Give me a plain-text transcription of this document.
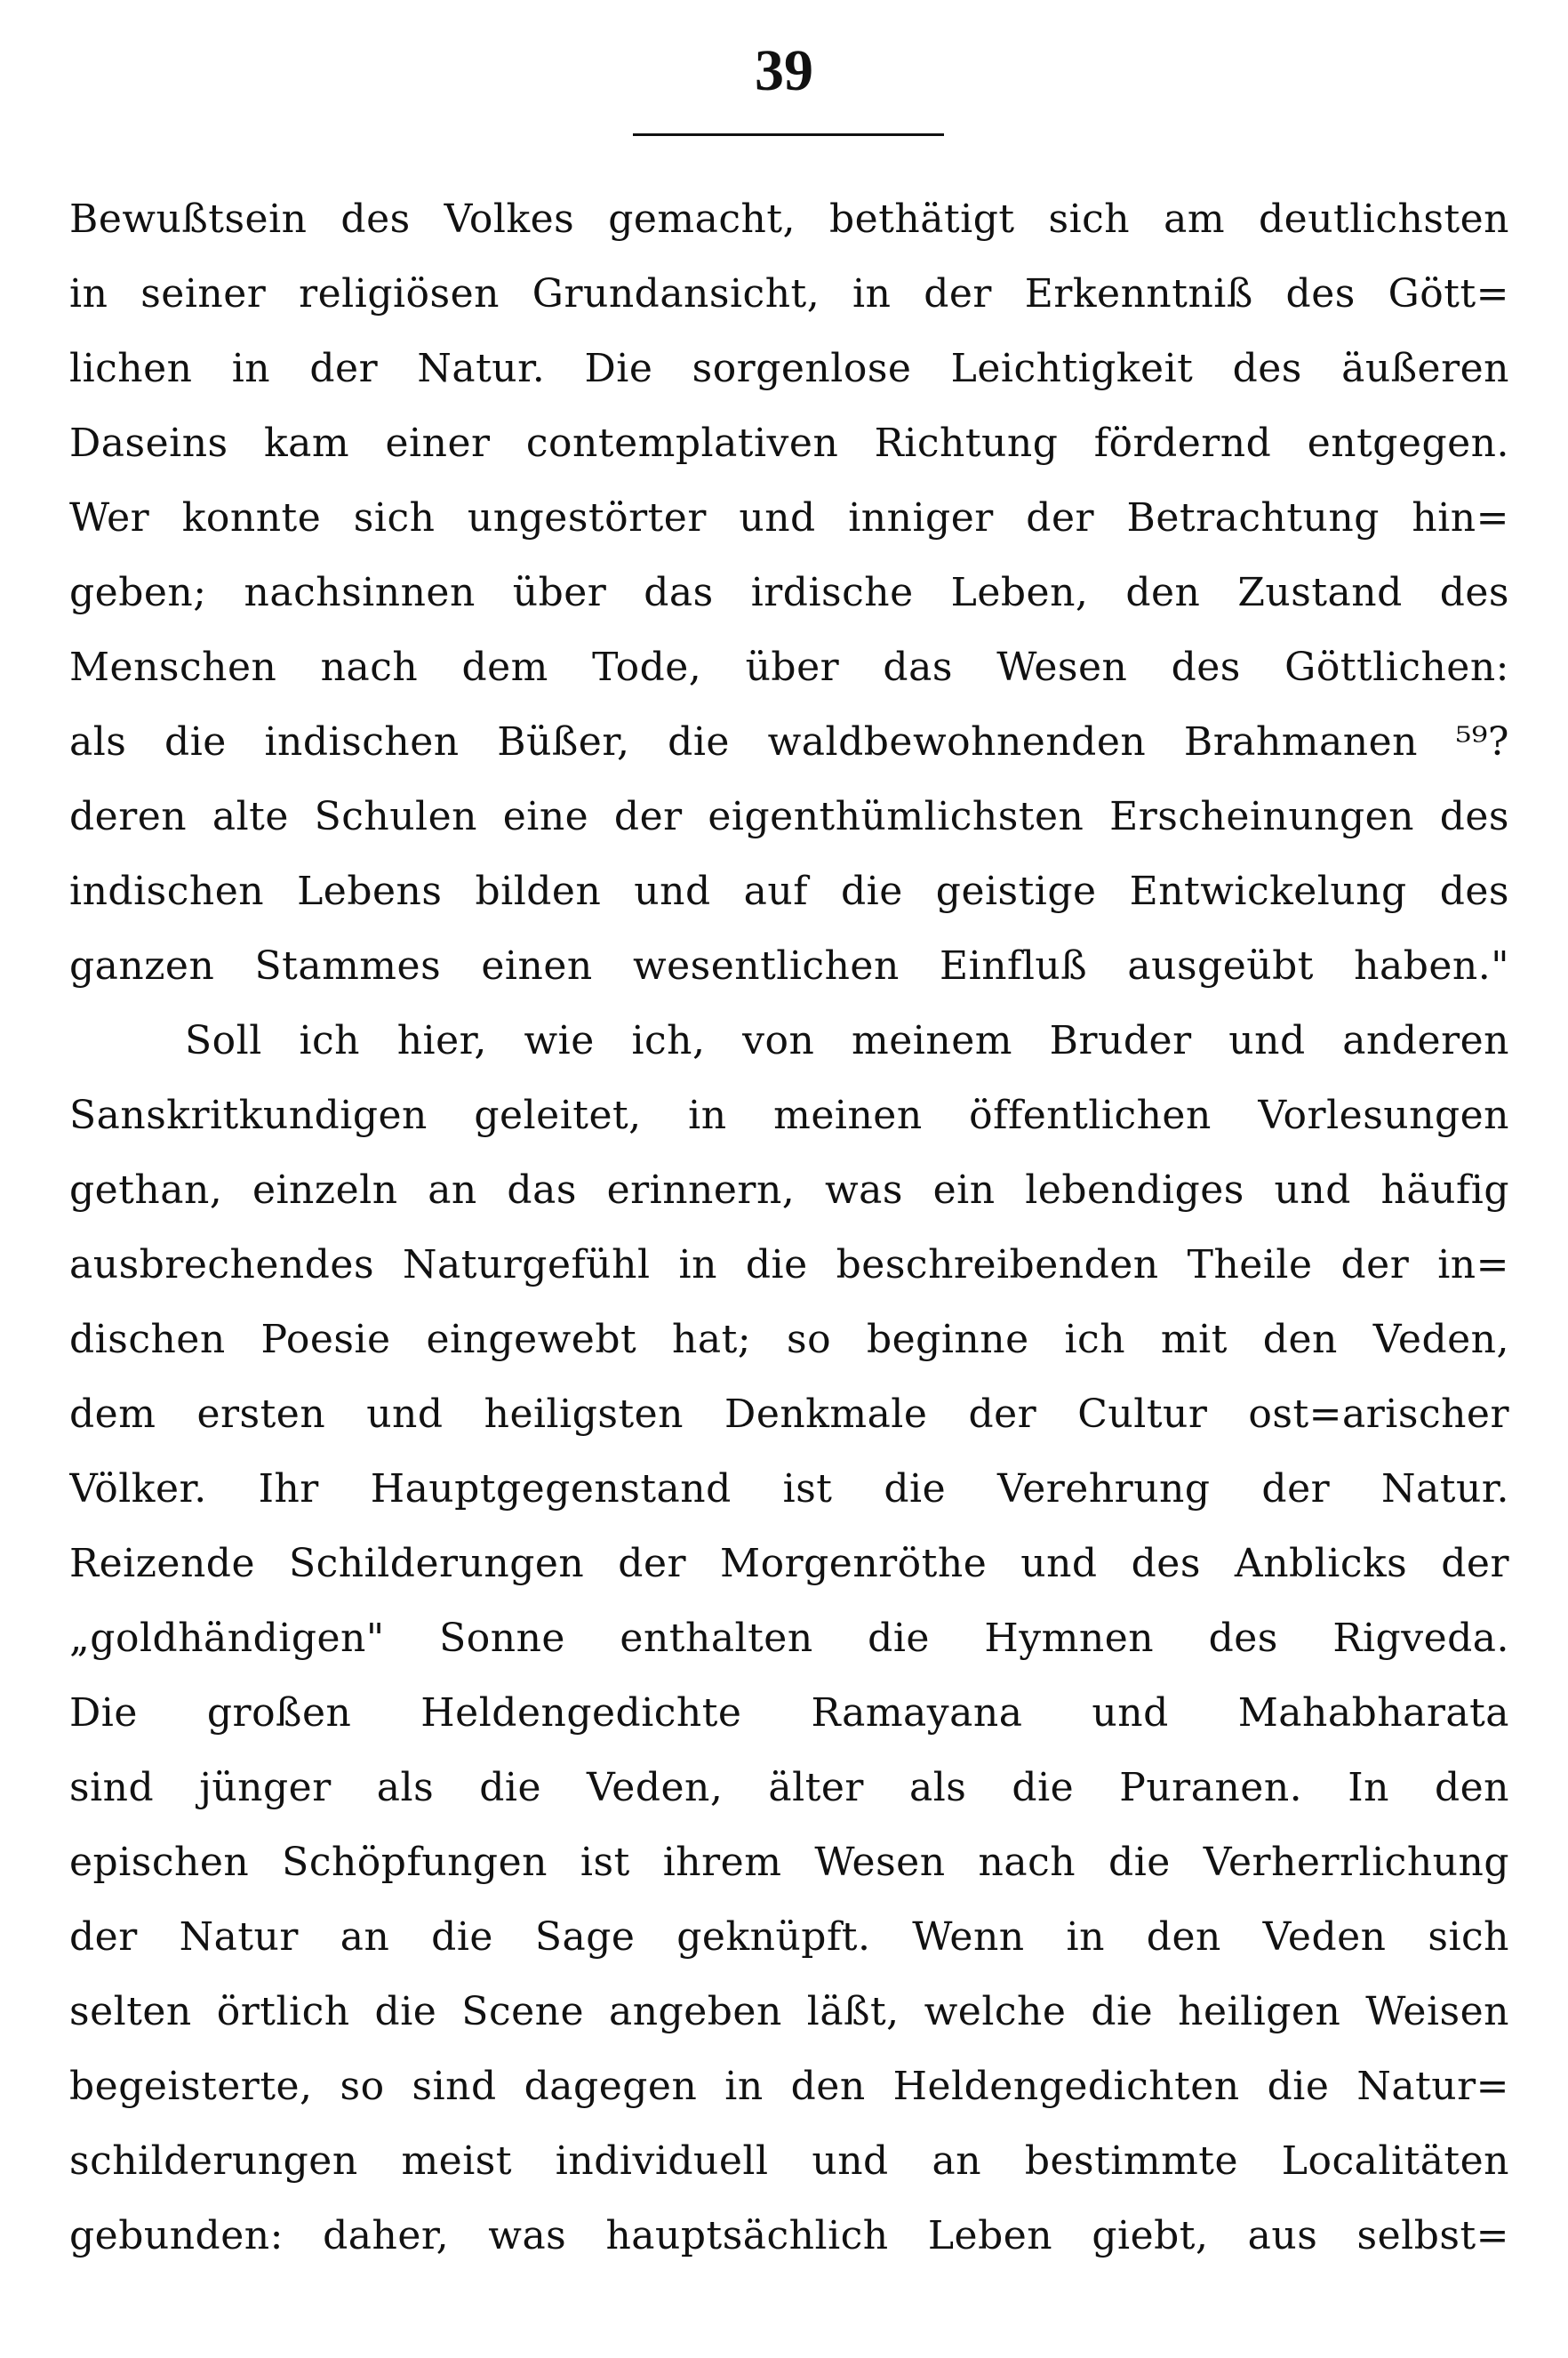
39
Bewußtsein des Volkes gemacht, bethätigt sich am deutlichsten
in seiner religiösen Grundansicht, in der Erkenntniß des Gött=
lichen in der Natur. Die sorgenlose Leichtigkeit des äußeren
Daseins kam einer contemplativen Richtung fördernd entgegen.
Wer konnte sich ungestörter und inniger der Betrachtung hin=
geben; nachsinnen über das irdische Leben, den Zustand des
Menschen nach dem Tode, über das Wesen des Göttlichen:
als die indischen Büßer, die waldbewohnenden Brahmanen ⁵⁹?
deren alte Schulen eine der eigenthümlichsten Erscheinungen des
indischen Lebens bilden und auf die geistige Entwickelung des
ganzen Stammes einen wesentlichen Einfluß ausgeübt haben."
Soll ich hier, wie ich, von meinem Bruder und anderen
Sanskritkundigen geleitet, in meinen öffentlichen Vorlesungen
gethan, einzeln an das erinnern, was ein lebendiges und häufig
ausbrechendes Naturgefühl in die beschreibenden Theile der in=
dischen Poesie eingewebt hat; so beginne ich mit den Veden,
dem ersten und heiligsten Denkmale der Cultur ost=arischer
Völker. Ihr Hauptgegenstand ist die Verehrung der Natur.
Reizende Schilderungen der Morgenröthe und des Anblicks der
„goldhändigen" Sonne enthalten die Hymnen des Rigveda.
Die großen Heldengedichte Ramayana und Mahabharata
sind jünger als die Veden, älter als die Puranen. In den
epischen Schöpfungen ist ihrem Wesen nach die Verherrlichung
der Natur an die Sage geknüpft. Wenn in den Veden sich
selten örtlich die Scene angeben läßt, welche die heiligen Weisen
begeisterte, so sind dagegen in den Heldengedichten die Natur=
schilderungen meist individuell und an bestimmte Localitäten
gebunden: daher, was hauptsächlich Leben giebt, aus selbst=
